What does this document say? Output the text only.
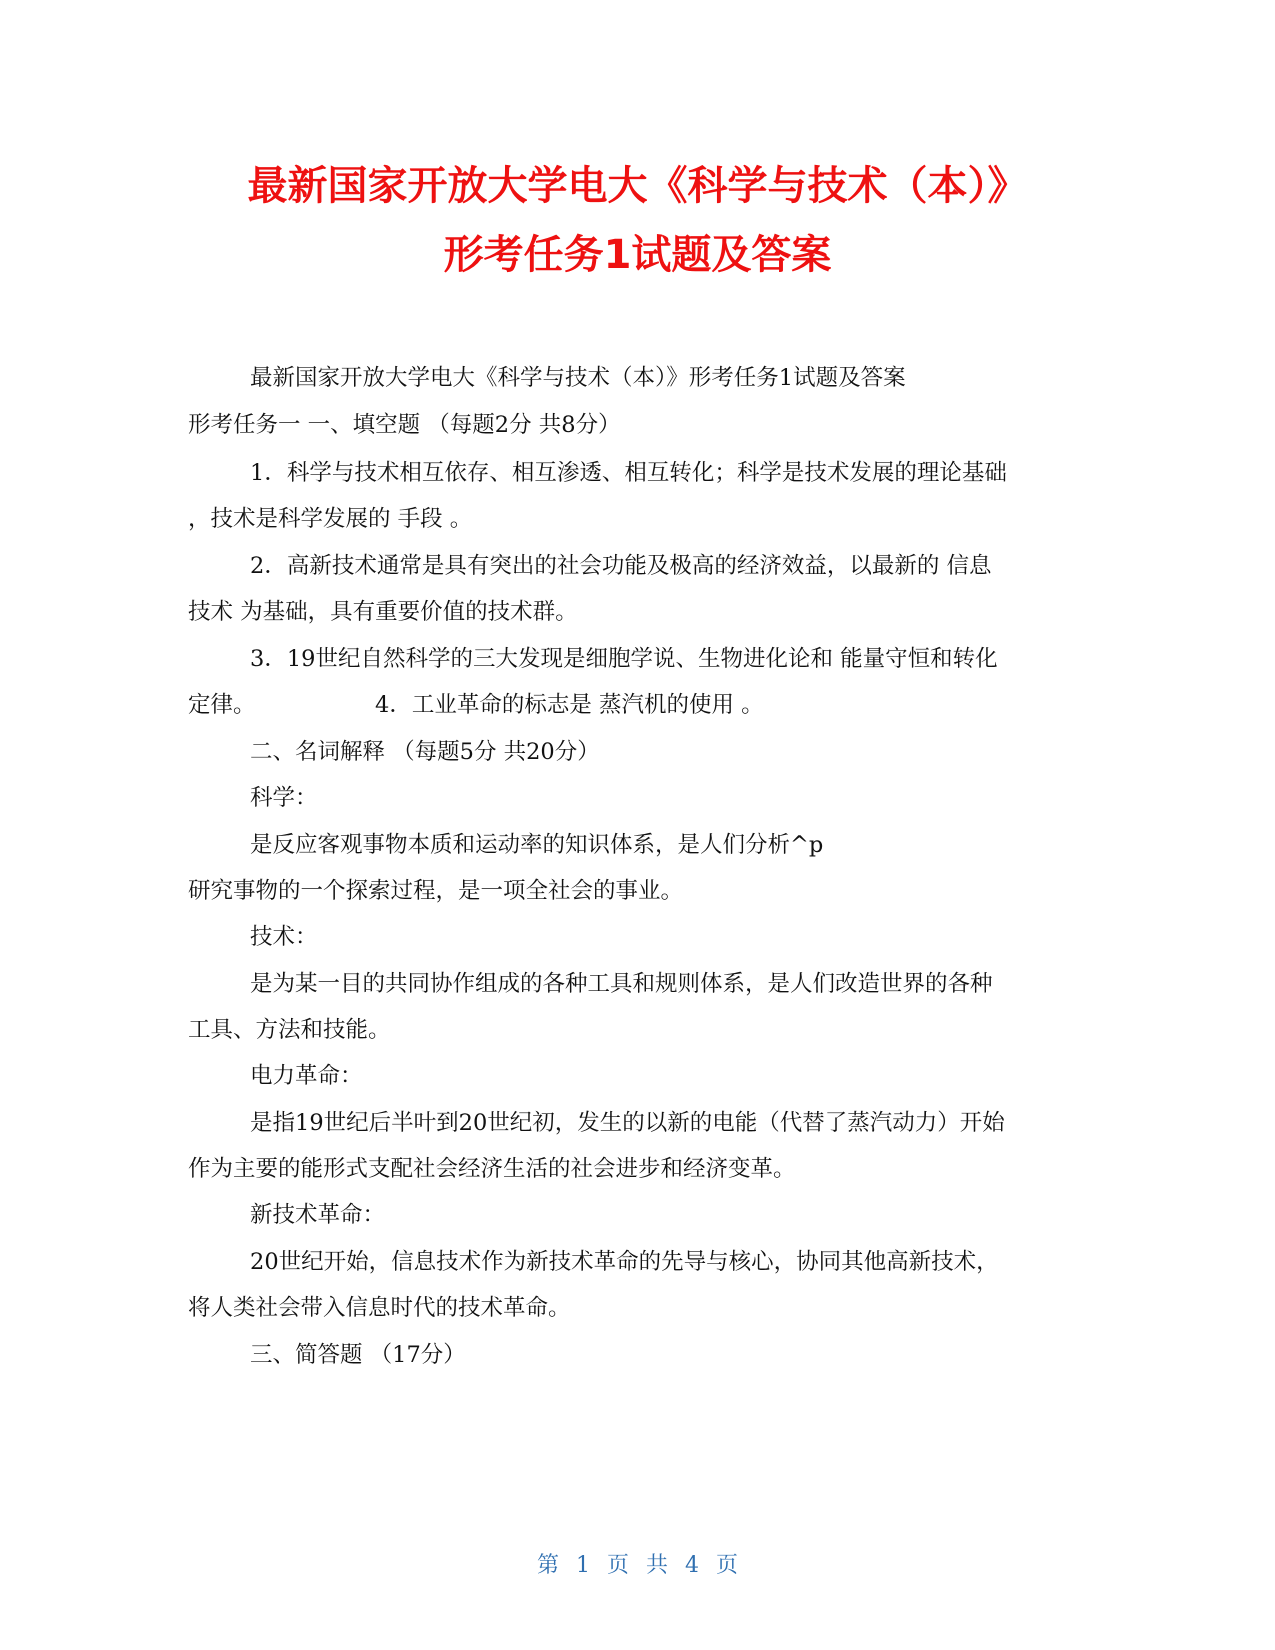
最新国家开放大学电大《科学与技术（本）》
形考任务1试题及答案
最新国家开放大学电大《科学与技术（本）》形考任务1试题及答案
形考任务一 一、填空题 （每题2分 共8分）
1．科学与技术相互依存、相互渗透、相互转化；科学是技术发展的理论基础
，技术是科学发展的 手段 。
2．高新技术通常是具有突出的社会功能及极高的经济效益，以最新的 信息
技术 为基础，具有重要价值的技术群。
3．19世纪自然科学的三大发现是细胞学说、生物进化论和 能量守恒和转化
定律。	4．工业革命的标志是 蒸汽机的使用 。
二、名词解释 （每题5分 共20分）
科学：
是反应客观事物本质和运动率的知识体系，是人们分析^p
研究事物的一个探索过程，是一项全社会的事业。
技术：
是为某一目的共同协作组成的各种工具和规则体系，是人们改造世界的各种
工具、方法和技能。
电力革命：
是指19世纪后半叶到20世纪初，发生的以新的电能（代替了蒸汽动力）开始
作为主要的能形式支配社会经济生活的社会进步和经济变革。
新技术革命：
20世纪开始，信息技术作为新技术革命的先导与核心，协同其他高新技术，
将人类社会带入信息时代的技术革命。
三、简答题 （17分）
第 1 页 共 4 页
